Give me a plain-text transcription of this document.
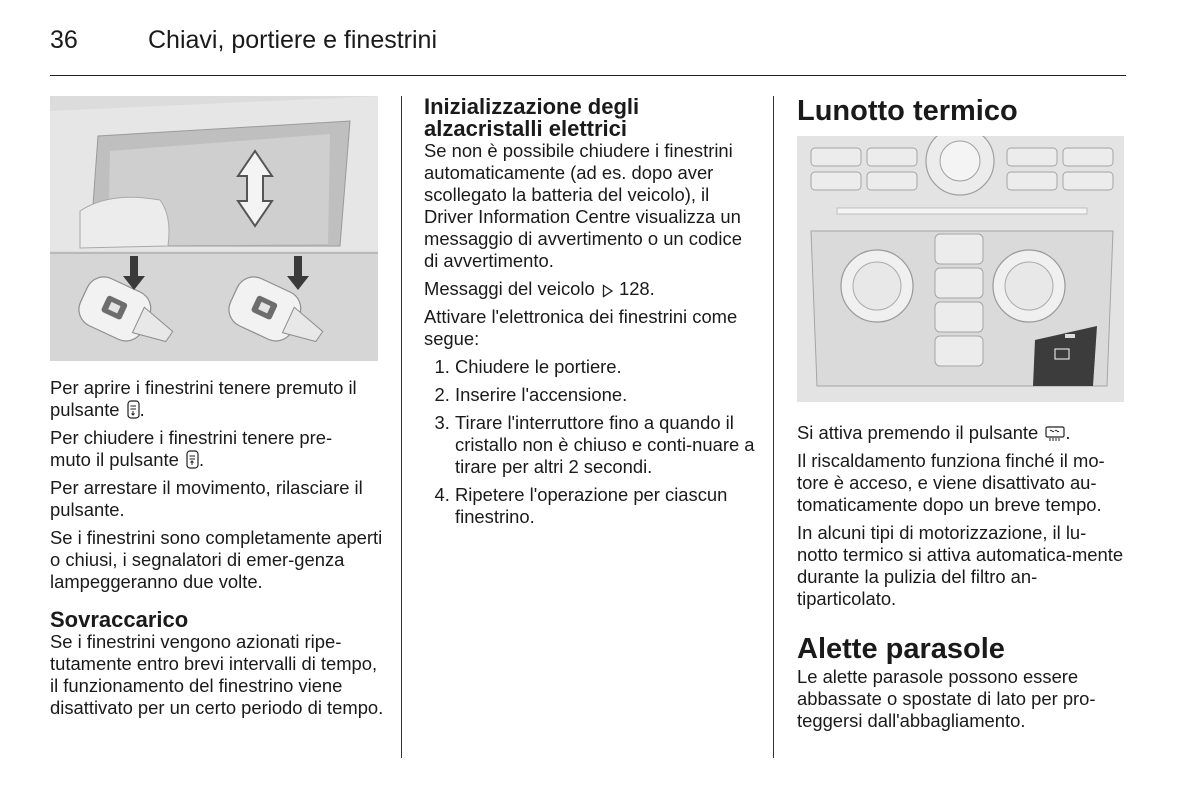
36	Chiavi, portiere e finestrini

Per aprire i finestrini tenere premuto il pulsante .

Per chiudere i finestrini tenere pre-
muto il pulsante .

Per arrestare il movimento, rilasciare il pulsante.

Se i finestrini sono completamente aperti o chiusi, i segnalatori di emer-genza lampeggeranno due volte.

Sovraccarico

Se i finestrini vengono azionati ripe-tutamente entro brevi intervalli di tempo, il funzionamento del finestrino viene disattivato per un certo periodo di tempo.

Inizializzazione degli alzacristalli elettrici

Se non è possibile chiudere i finestrini automaticamente (ad es. dopo aver scollegato la batteria del veicolo), il Driver Information Centre visualizza un messaggio di avvertimento o un codice di avvertimento.

Messaggi del veicolo 128.

Attivare l'elettronica dei finestrini come segue:

1. Chiudere le portiere.
2. Inserire l'accensione.
3. Tirare l'interruttore fino a quando il cristallo non è chiuso e conti-nuare a tirare per altri 2 secondi.
4. Ripetere l'operazione per ciascun finestrino.
Lunotto termico

Si attiva premendo il pulsante .

Il riscaldamento funziona finché il mo-tore è acceso, e viene disattivato au-tomaticamente dopo un breve tempo.

In alcuni tipi di motorizzazione, il lu-notto termico si attiva automatica-mente durante la pulizia del filtro an-tiparticolato.

Alette parasole

Le alette parasole possono essere abbassate o spostate di lato per pro-teggersi dall'abbagliamento.
